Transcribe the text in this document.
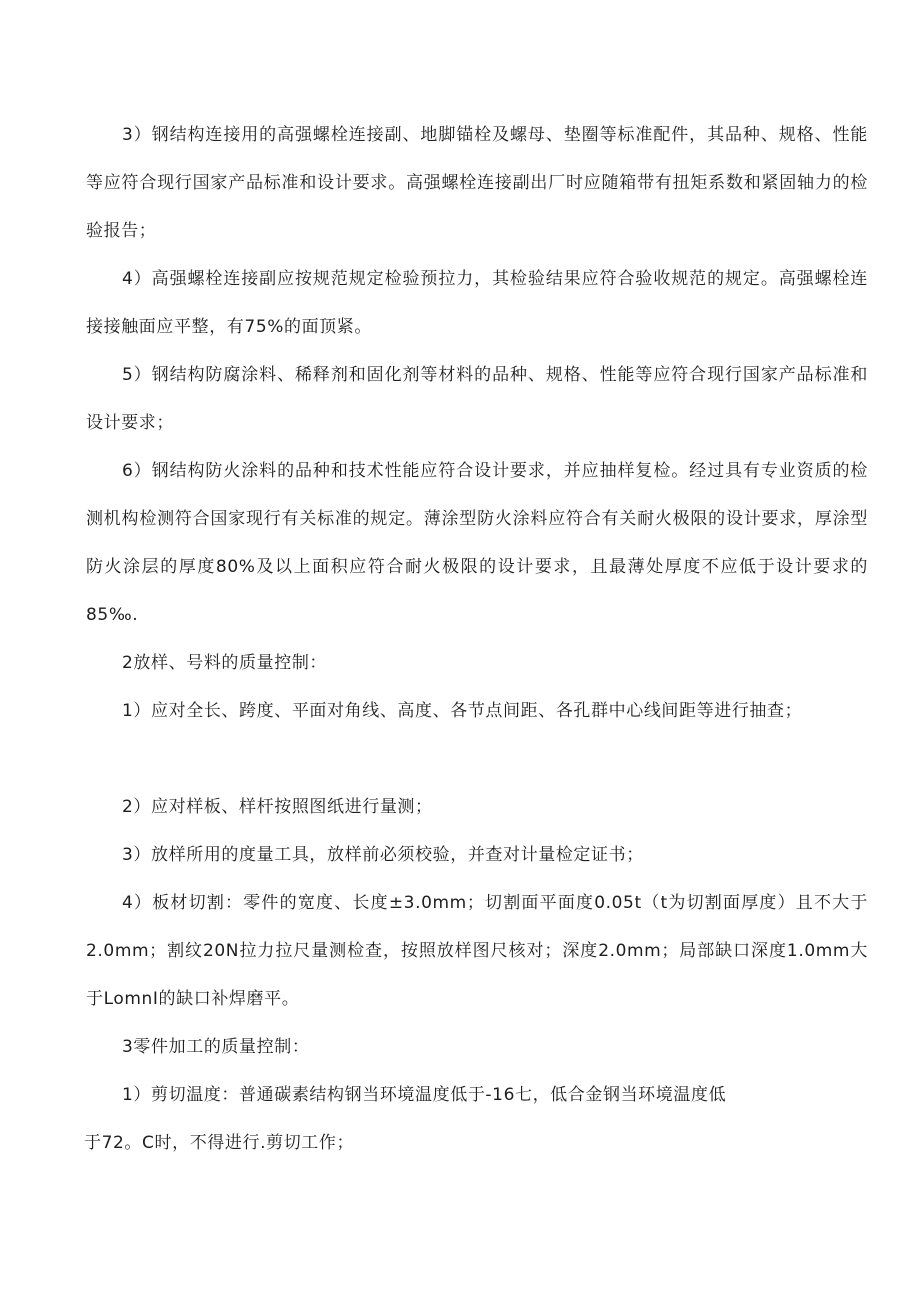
3）钢结构连接用的高强螺栓连接副、地脚锚栓及螺母、垫圈等标准配件，其品种、规格、性能等应符合现行国家产品标准和设计要求。高强螺栓连接副出厂时应随箱带有扭矩系数和紧固轴力的检验报告；

4）高强螺栓连接副应按规范规定检验预拉力，其检验结果应符合验收规范的规定。高强螺栓连接接触面应平整，有75%的面顶紧。

5）钢结构防腐涂料、稀释剂和固化剂等材料的品种、规格、性能等应符合现行国家产品标准和设计要求；

6）钢结构防火涂料的品种和技术性能应符合设计要求，并应抽样复检。经过具有专业资质的检测机构检测符合国家现行有关标准的规定。薄涂型防火涂料应符合有关耐火极限的设计要求，厚涂型防火涂层的厚度80%及以上面积应符合耐火极限的设计要求，且最薄处厚度不应低于设计要求的85‰.

2放样、号料的质量控制：

1）应对全长、跨度、平面对角线、高度、各节点间距、各孔群中心线间距等进行抽查；

2）应对样板、样杆按照图纸进行量测；

3）放样所用的度量工具，放样前必须校验，并查对计量检定证书；

4）板材切割：零件的宽度、长度±3.0mm；切割面平面度0.05t（t为切割面厚度）且不大于2.0mm；割纹20N拉力拉尺量测检查，按照放样图尺核对；深度2.0mm；局部缺口深度1.0mm大于LomnI的缺口补焊磨平。

3零件加工的质量控制：

1）剪切温度：普通碳素结构钢当环境温度低于-16七，低合金钢当环境温度低

于72。C时，不得进行.剪切工作；
